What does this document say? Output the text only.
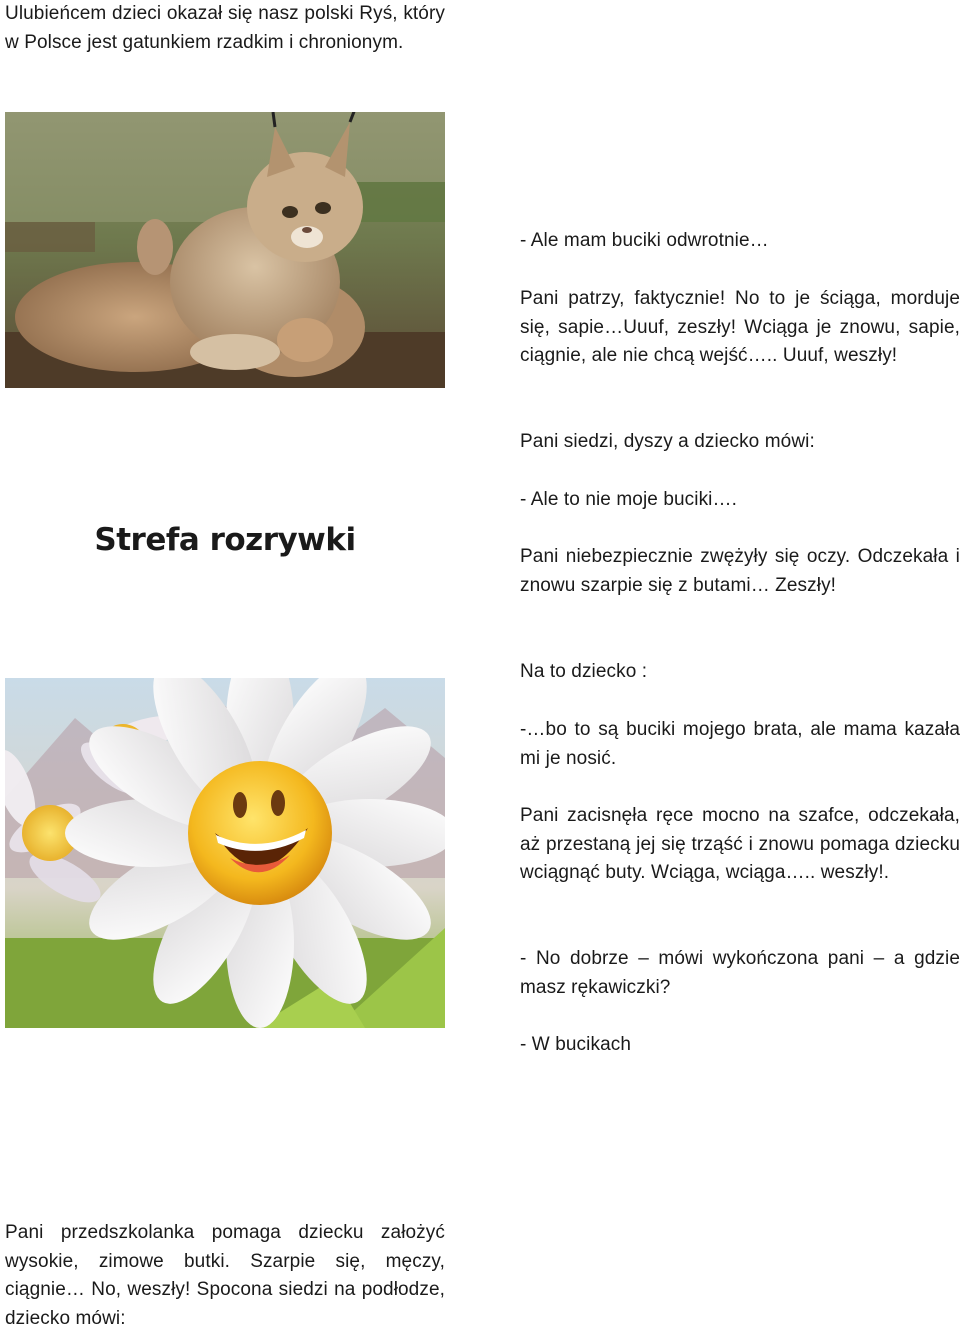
Ulubieńcem dzieci okazał się nasz polski Ryś, który w Polsce jest gatunkiem rzadkim i chronionym.

Strefa rozrywki

Pani przedszkolanka pomaga dziecku założyć wysokie, zimowe butki. Szarpie się, męczy, ciągnie… No, weszły! Spocona siedzi na podłodze, dziecko mówi:

- Ale mam buciki odwrotnie…

Pani patrzy, faktycznie! No to je ściąga, morduje się, sapie…Uuuf, zeszły! Wciąga je znowu, sapie, ciągnie, ale nie chcą wejść….. Uuuf, weszły!

Pani siedzi, dyszy a dziecko mówi:

- Ale to nie moje buciki….

Pani niebezpiecznie zwężyły się oczy. Odczekała i znowu szarpie się z butami… Zeszły!

Na to dziecko :

-…bo to są buciki mojego brata, ale mama kazała mi je nosić.

Pani zacisnęła ręce mocno na szafce, odczekała, aż przestaną jej się trząść i znowu pomaga dziecku wciągnąć buty. Wciąga, wciąga….. weszły!.

- No dobrze – mówi wykończona pani – a gdzie masz rękawiczki?

- W bucikach
